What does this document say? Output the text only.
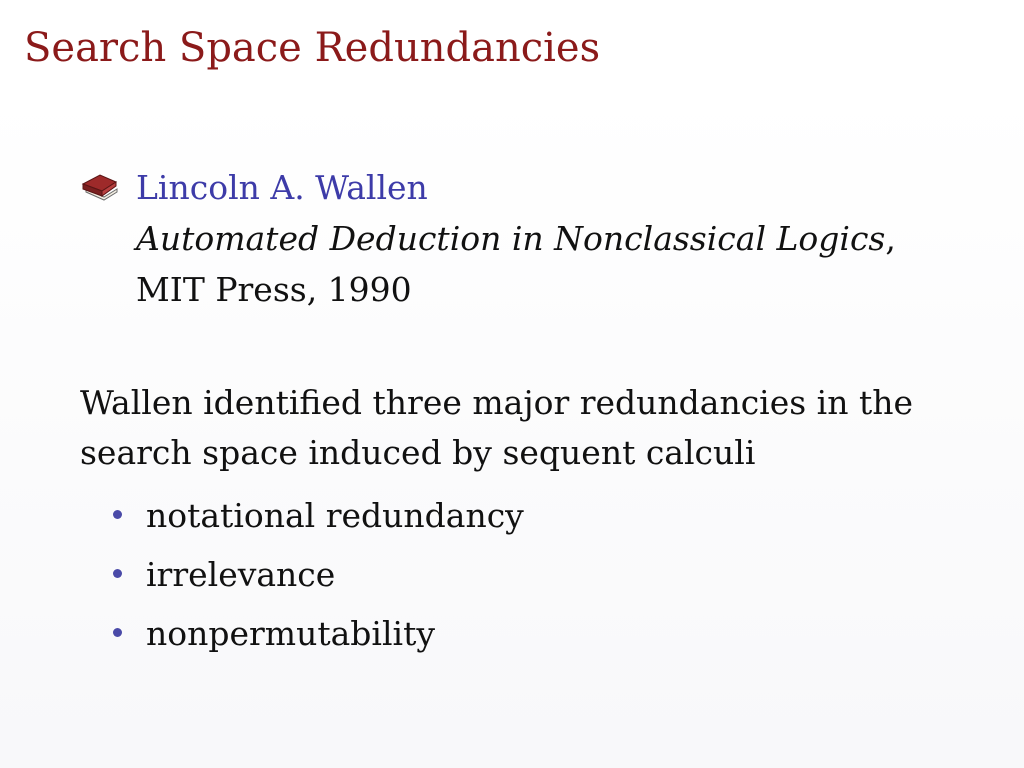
Search Space Redundancies
Lincoln A. Wallen
Automated Deduction in Nonclassical Logics,
MIT Press, 1990
Wallen identified three major redundancies in the
search space induced by sequent calculi
notational redundancy
irrelevance
nonpermutability
